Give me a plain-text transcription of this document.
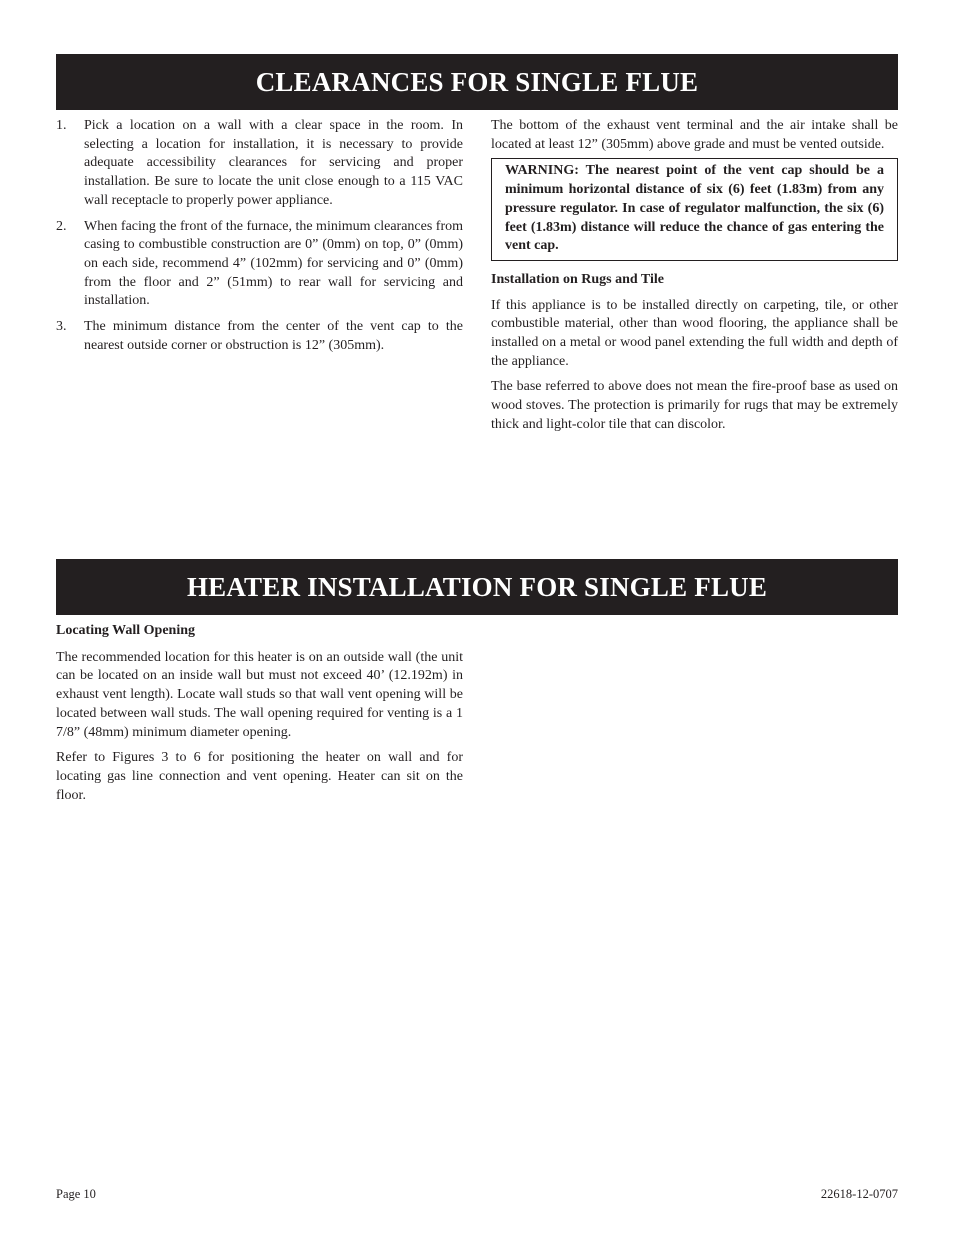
CLEARANCES FOR SINGLE FLUE
1. Pick a location on a wall with a clear space in the room. In selecting a location for installation, it is necessary to provide adequate accessibility clearances for servicing and proper installation. Be sure to locate the unit close enough to a 115 VAC wall receptacle to properly power appliance.
2. When facing the front of the furnace, the minimum clearances from casing to combustible construction are 0” (0mm) on top, 0” (0mm) on each side, recommend 4” (102mm) for servicing and 0” (0mm) from the floor and 2” (51mm) to rear wall for servicing and installation.
3. The minimum distance from the center of the vent cap to the nearest outside corner or obstruction is 12” (305mm).

The bottom of the exhaust vent terminal and the air intake shall be located at least 12” (305mm) above grade and must be vented outside.

WARNING: The nearest point of the vent cap should be a minimum horizontal distance of six (6) feet (1.83m) from any pressure regulator. In case of regulator malfunction, the six (6) feet (1.83m) distance will reduce the chance of gas entering the vent cap.

Installation on Rugs and Tile

If this appliance is to be installed directly on carpeting, tile, or other combustible material, other than wood flooring, the appliance shall be installed on a metal or wood panel extending the full width and depth of the appliance.

The base referred to above does not mean the fire-proof base as used on wood stoves. The protection is primarily for rugs that may be extremely thick and light-color tile that can discolor.

HEATER INSTALLATION FOR SINGLE FLUE

Locating Wall Opening

The recommended location for this heater is on an outside wall (the unit can be located on an inside wall but must not exceed 40’ (12.192m) in exhaust vent length). Locate wall studs so that wall vent opening will be located between wall studs. The wall opening required for venting is a 1 7/8” (48mm) minimum diameter opening.

Refer to Figures 3 to 6 for positioning the heater on wall and for locating gas line connection and vent opening. Heater can sit on the floor.

Page 10	22618-12-0707
